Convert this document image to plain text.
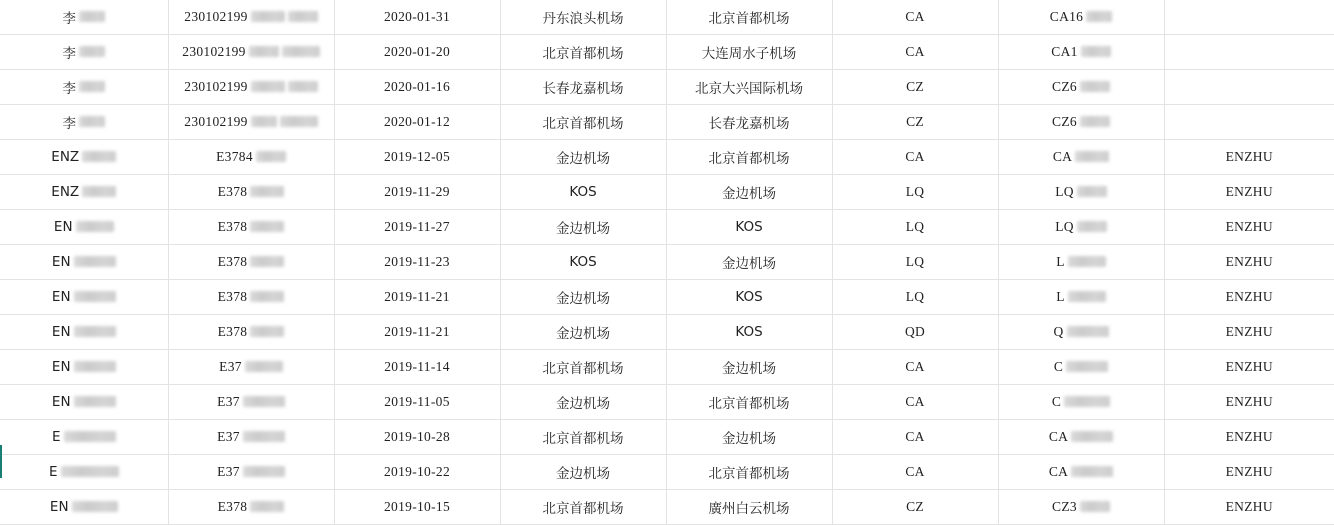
李	230102199	2020-01-31	丹东浪头机场	北京首都机场	CA	CA16	

李	230102199	2020-01-20	北京首都机场	大连周水子机场	CA	CA1	

李	230102199	2020-01-16	长春龙嘉机场	北京大兴国际机场	CZ	CZ6	

李	230102199	2020-01-12	北京首都机场	长春龙嘉机场	CZ	CZ6	

ENZ	E3784	2019-12-05	金边机场	北京首都机场	CA	CA	ENZHU

ENZ	E378	2019-11-29	KOS	金边机场	LQ	LQ	ENZHU

EN	E378	2019-11-27	金边机场	KOS	LQ	LQ	ENZHU

EN	E378	2019-11-23	KOS	金边机场	LQ	L	ENZHU

EN	E378	2019-11-21	金边机场	KOS	LQ	L	ENZHU

EN	E378	2019-11-21	金边机场	KOS	QD	Q	ENZHU

EN	E37	2019-11-14	北京首都机场	金边机场	CA	C	ENZHU

EN	E37	2019-11-05	金边机场	北京首都机场	CA	C	ENZHU

E	E37	2019-10-28	北京首都机场	金边机场	CA	CA	ENZHU

E	E37	2019-10-22	金边机场	北京首都机场	CA	CA	ENZHU

EN	E378	2019-10-15	北京首都机场	廣州白云机场	CZ	CZ3	ENZHU
